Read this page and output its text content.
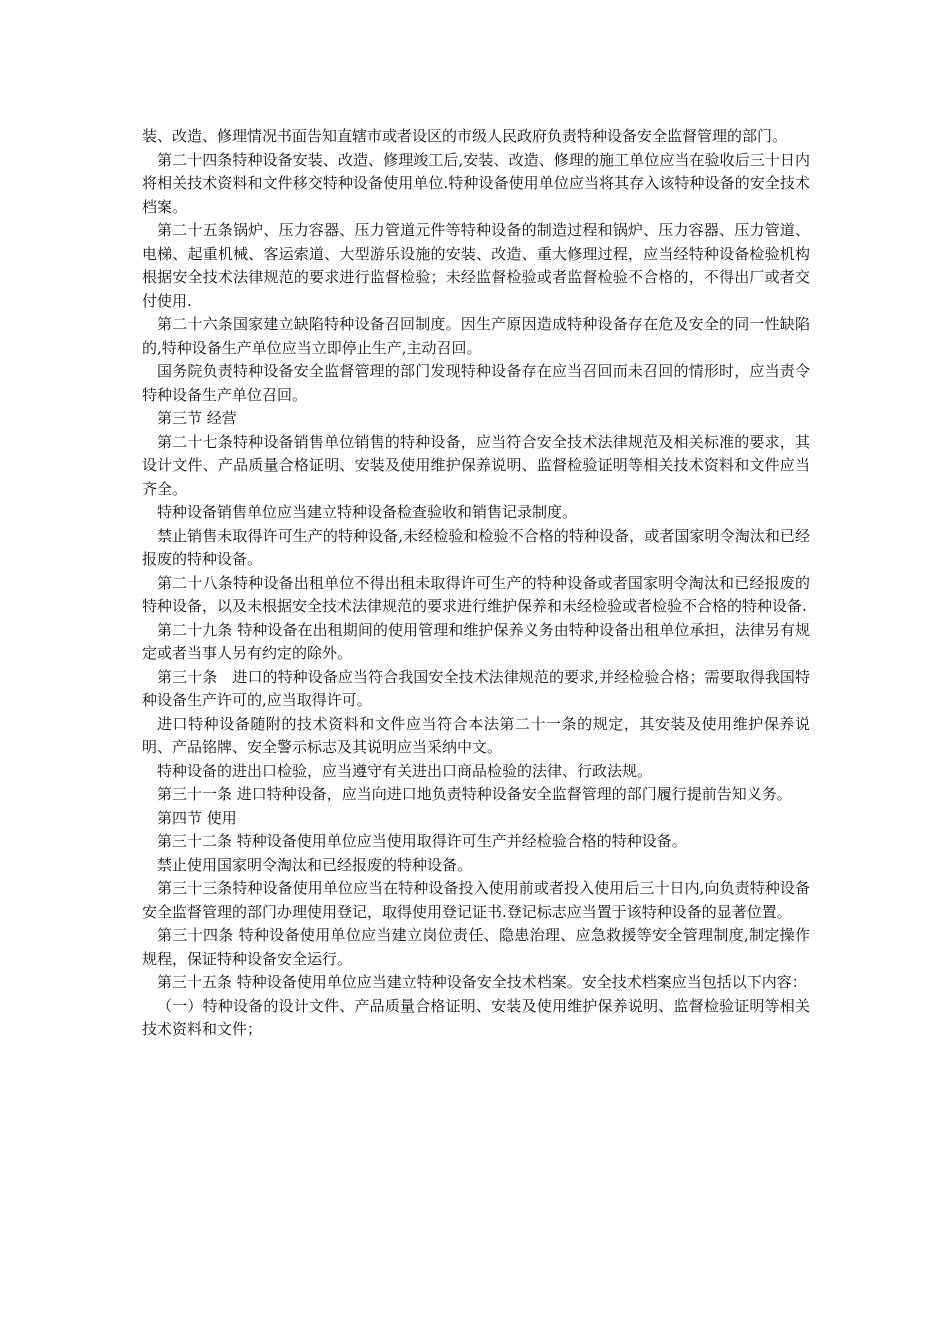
装、改造、修理情况书面告知直辖市或者设区的市级人民政府负责特种设备安全监督管理的部门。

第二十四条特种设备安装、改造、修理竣工后,安装、改造、修理的施工单位应当在验收后三十日内将相关技术资料和文件移交特种设备使用单位.特种设备使用单位应当将其存入该特种设备的安全技术档案。

第二十五条锅炉、压力容器、压力管道元件等特种设备的制造过程和锅炉、压力容器、压力管道、电梯、起重机械、客运索道、大型游乐设施的安装、改造、重大修理过程，应当经特种设备检验机构根据安全技术法律规范的要求进行监督检验；未经监督检验或者监督检验不合格的，不得出厂或者交付使用.

第二十六条国家建立缺陷特种设备召回制度。因生产原因造成特种设备存在危及安全的同一性缺陷的,特种设备生产单位应当立即停止生产,主动召回。

国务院负责特种设备安全监督管理的部门发现特种设备存在应当召回而未召回的情形时，应当责令特种设备生产单位召回。

第三节 经营

第二十七条特种设备销售单位销售的特种设备，应当符合安全技术法律规范及相关标准的要求，其设计文件、产品质量合格证明、安装及使用维护保养说明、监督检验证明等相关技术资料和文件应当齐全。

特种设备销售单位应当建立特种设备检查验收和销售记录制度。

禁止销售未取得许可生产的特种设备,未经检验和检验不合格的特种设备，或者国家明令淘汰和已经报废的特种设备。

第二十八条特种设备出租单位不得出租未取得许可生产的特种设备或者国家明令淘汰和已经报废的特种设备，以及未根据安全技术法律规范的要求进行维护保养和未经检验或者检验不合格的特种设备.

第二十九条 特种设备在出租期间的使用管理和维护保养义务由特种设备出租单位承担，法律另有规定或者当事人另有约定的除外。

第三十条　进口的特种设备应当符合我国安全技术法律规范的要求,并经检验合格；需要取得我国特种设备生产许可的,应当取得许可。

进口特种设备随附的技术资料和文件应当符合本法第二十一条的规定，其安装及使用维护保养说明、产品铭牌、安全警示标志及其说明应当采纳中文。

特种设备的进出口检验，应当遵守有关进出口商品检验的法律、行政法规。

第三十一条 进口特种设备，应当向进口地负责特种设备安全监督管理的部门履行提前告知义务。

第四节 使用

第三十二条 特种设备使用单位应当使用取得许可生产并经检验合格的特种设备。

禁止使用国家明令淘汰和已经报废的特种设备。

第三十三条特种设备使用单位应当在特种设备投入使用前或者投入使用后三十日内,向负责特种设备安全监督管理的部门办理使用登记，取得使用登记证书.登记标志应当置于该特种设备的显著位置。

第三十四条 特种设备使用单位应当建立岗位责任、隐患治理、应急救援等安全管理制度,制定操作规程，保证特种设备安全运行。

第三十五条 特种设备使用单位应当建立特种设备安全技术档案。安全技术档案应当包括以下内容：

（一）特种设备的设计文件、产品质量合格证明、安装及使用维护保养说明、监督检验证明等相关技术资料和文件；
